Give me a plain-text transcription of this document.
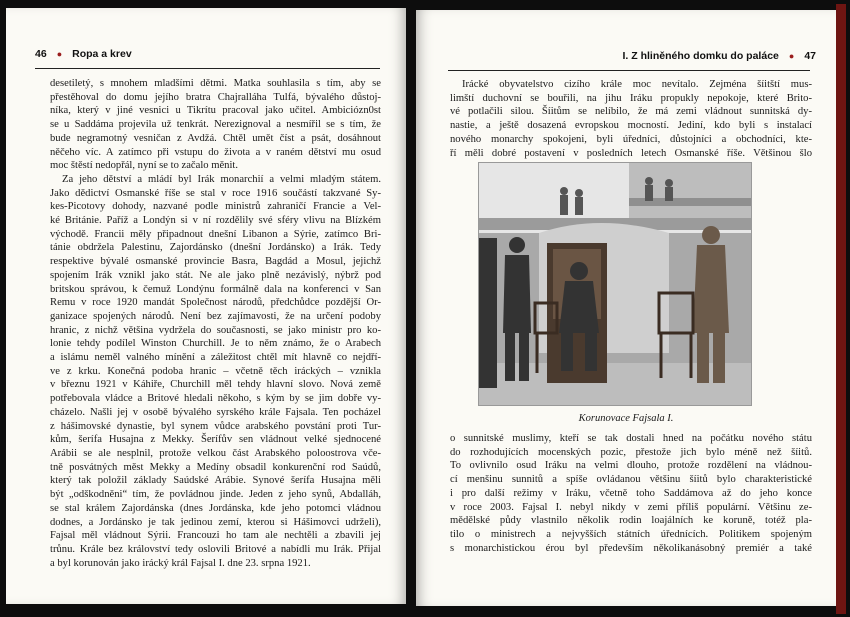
46 ● Ropa a krev
desetiletý, s mnohem mladšími dětmi. Matka souhlasila s tím, aby se
přestěhoval do domu jejího bratra Chajralláha Tulfá, bývalého důstoj-
níka, který v jiné vesnici u Tikrítu pracoval jako učitel. Ambiciózn0st
se u Saddáma projevila už tenkrát. Nerezignoval a nesmířil se s tím, že
bude negramotný vesničan z Avdžá. Chtěl umět číst a psát, dosáhnout
něčeho víc. A zatímco při vstupu do života a v raném dětství mu osud
moc štěstí nedopřál, nyní se to začalo měnit.
Za jeho dětství a mládí byl Irák monarchií a velmi mladým státem.
Jako dědictví Osmanské říše se stal v roce 1916 součástí takzvané Sy-
kes-Picotovy dohody, nazvané podle ministrů zahraničí Francie a Vel-
ké Británie. Paříž a Londýn si v ní rozdělily své sféry vlivu na Blízkém
východě. Francii měly připadnout dnešní Libanon a Sýrie, zatímco Bri-
tánie obdržela Palestinu, Zajordánsko (dnešní Jordánsko) a Irák. Tedy
respektive bývalé osmanské provincie Basra, Bagdád a Mosul, jejichž
spojením Irák vznikl jako stát. Ne ale jako plně nezávislý, nýbrž pod
britskou správou, k čemuž Londýnu formálně dala na konferenci v San
Remu v roce 1920 mandát Společnost národů, předchůdce pozdější Or-
ganizace spojených národů. Není bez zajímavosti, že na určení podoby
hranic, z nichž většina vydržela do současnosti, se jako ministr pro ko-
lonie tehdy podílel Winston Churchill. Je to něm známo, že o Arabech
a islámu neměl valného mínění a záležitost chtěl mít hlavně co nejdří-
ve z krku. Konečná podoba hranic – včetně těch iráckých – vznikla
v březnu 1921 v Káhiře, Churchill měl tehdy hlavní slovo. Nová země
potřebovala vládce a Britové hledali někoho, s kým by se jim dobře vy-
cházelo. Našli jej v osobě bývalého syrského krále Fajsala. Ten pocházel
z hášimovské dynastie, byl synem vůdce arabského povstání proti Tur-
kům, šerífa Husajna z Mekky. Šerífův sen vládnout velké sjednocené
Arábii se ale nesplnil, protože velkou část Arabského poloostrova vče-
tně posvátných měst Mekky a Medíny obsadil konkurenční rod Saúdů,
který tak položil základy Saúdské Arábie. Synové šerífa Husajna měli
být „odškodněni“ tím, že povládnou jinde. Jeden z jeho synů, Abdalláh,
se stal králem Zajordánska (dnes Jordánska, kde jeho potomci vládnou
dodnes, a Jordánsko je tak jedinou zemí, kterou si Hášimovci udrželi),
Fajsal měl vládnout Sýrii. Francouzi ho tam ale nechtěli a zbavili jej
trůnu. Krále bez království tedy oslovili Britové a nabídli mu Irák. Přijal
a byl korunován jako irácký král Fajsal I. dne 23. srpna 1921.
I. Z hliněného domku do paláce ● 47
Irácké obyvatelstvo cizího krále moc nevítalo. Zejména šíitští mus-
limští duchovní se bouřili, na jihu Iráku propukly nepokoje, které Brito-
vé potlačili silou. Šíitům se nelíbilo, že má zemi vládnout sunnitská dy-
nastie, a ještě dosazená evropskou mocností. Jediní, kdo byli s instalací
nového monarchy spokojeni, byli úředníci, důstojníci a obchodníci, kte-
ří měli dobré postavení v posledních letech Osmanské říše. Většinou šlo
Korunovace Fajsala I.
o sunnitské muslimy, kteří se tak dostali hned na počátku nového státu
do rozhodujících mocenských pozic, přestože jich bylo méně než šíitů.
To ovlivnilo osud Iráku na velmi dlouho, protože rozdělení na vládnou-
cí menšinu sunnitů a spíše ovládanou většinu šíitů bylo charakteristické
i pro další režimy v Iráku, včetně toho Saddámova až do jeho konce
v roce 2003. Fajsal I. nebyl nikdy v zemi příliš populární. Většinu ze-
mědělské půdy vlastnilo několik rodin loajálních ke koruně, totéž pla-
tilo o ministrech a nejvyšších státních úřednících. Politikem spojeným
s monarchistickou érou byl především několikanásobný premiér a také
